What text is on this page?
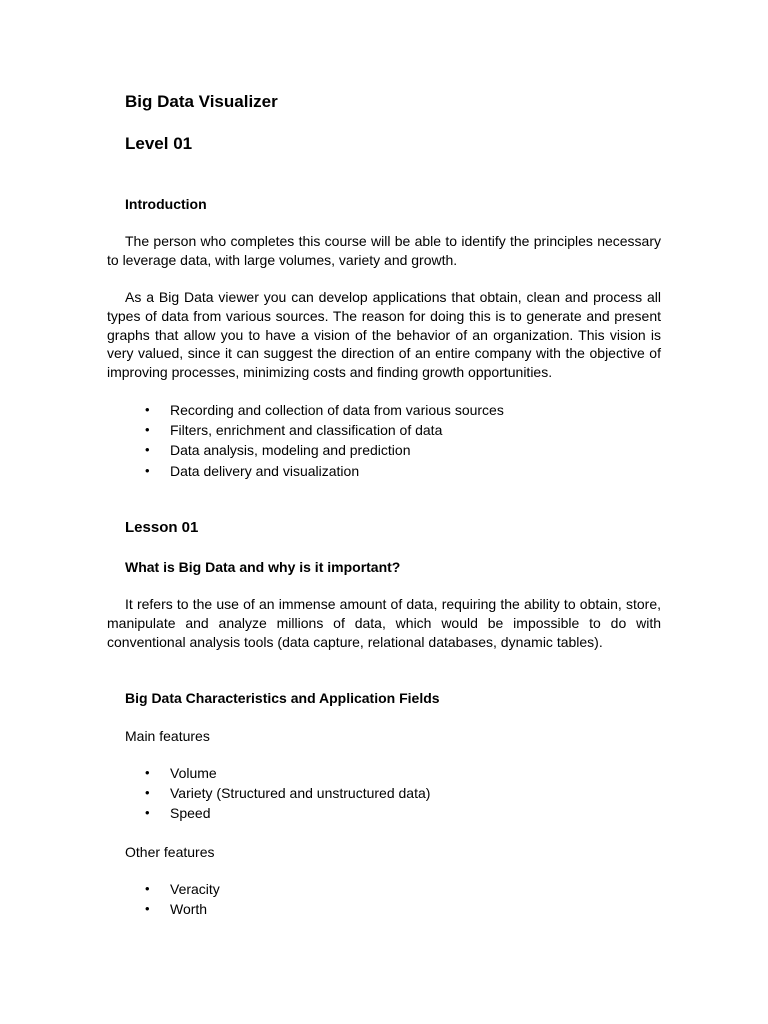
Big Data Visualizer
Level 01
Introduction

The person who completes this course will be able to identify the principles necessary to leverage data, with large volumes, variety and growth.

As a Big Data viewer you can develop applications that obtain, clean and process all types of data from various sources. The reason for doing this is to generate and present graphs that allow you to have a vision of the behavior of an organization. This vision is very valued, since it can suggest the direction of an entire company with the objective of improving processes, minimizing costs and finding growth opportunities.

• Recording and collection of data from various sources
• Filters, enrichment and classification of data
• Data analysis, modeling and prediction
• Data delivery and visualization
Lesson 01
What is Big Data and why is it important?

It refers to the use of an immense amount of data, requiring the ability to obtain, store, manipulate and analyze millions of data, which would be impossible to do with conventional analysis tools (data capture, relational databases, dynamic tables).

Big Data Characteristics and Application Fields
Main features
• Volume
• Variety (Structured and unstructured data)
• Speed
Other features
• Veracity
• Worth
